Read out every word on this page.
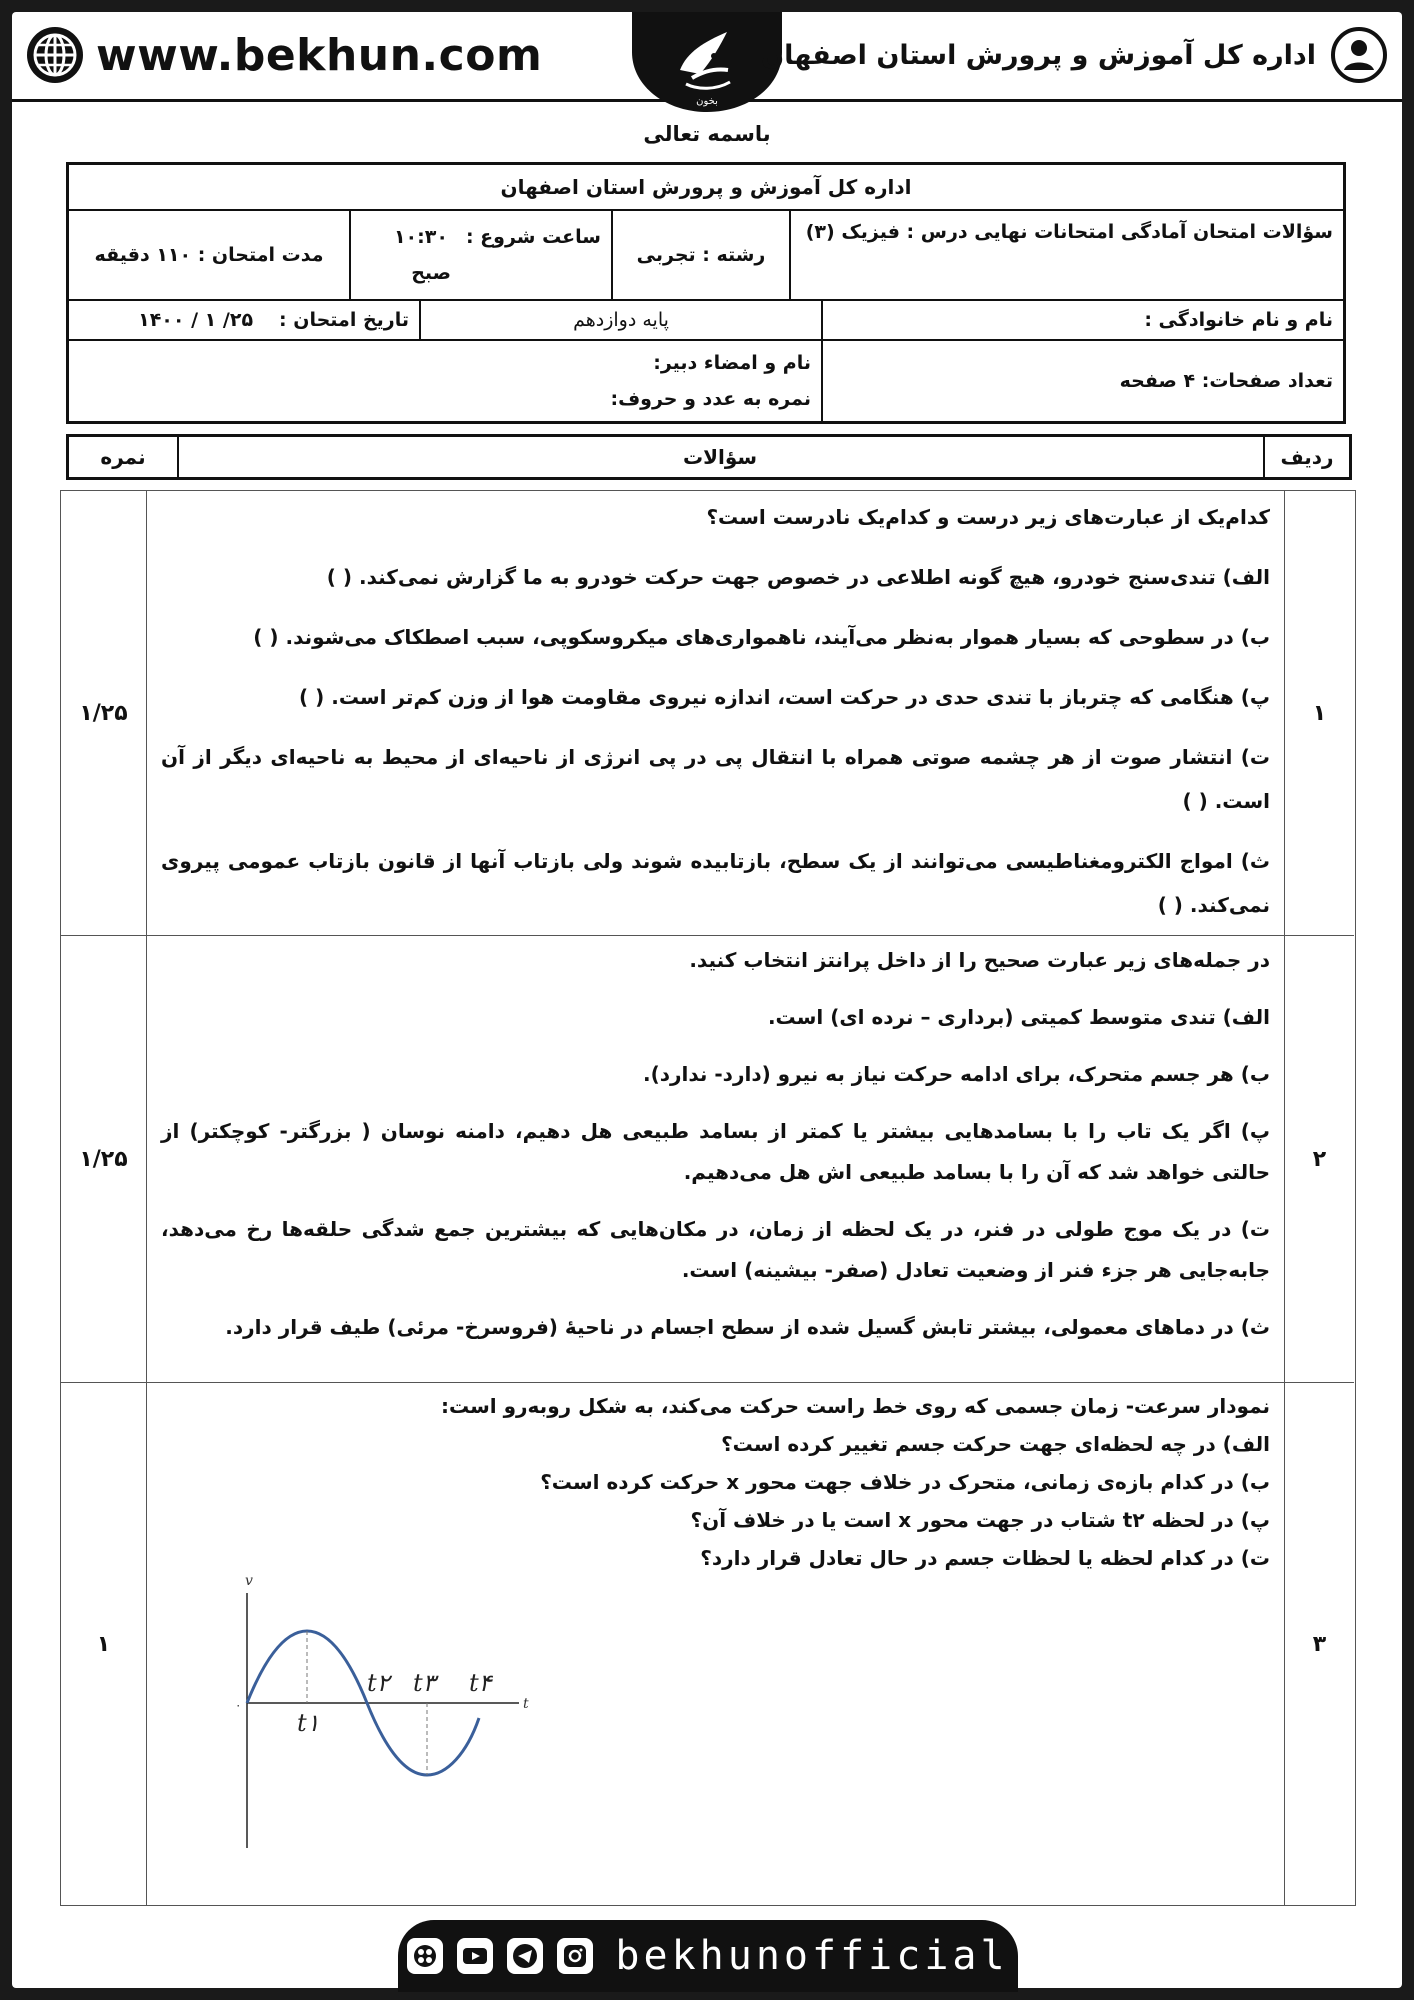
www.bekhun.com
بخون
اداره کل آموزش و پرورش استان اصفهان
باسمه تعالی
اداره کل آموزش و پرورش استان اصفهان
سؤالات امتحان آمادگی امتحانات نهایی درس : فیزیک (۳)
رشته : تجربی
ساعت شروع :
۱۰:۳۰
صبح
مدت امتحان : ۱۱۰ دقیقه
نام و نام خانوادگی :
پایه دوازدهم
تاریخ امتحان :
۲۵/ ۱ / ۱۴۰۰
تعداد صفحات: ۴ صفحه
نام و امضاء دبیر:
نمره به عدد و حروف:
ردیف
سؤالات
نمره
۱

کدام‌یک از عبارت‌های زیر درست و کدام‌یک نادرست است؟

الف) تندی‌سنج خودرو، هیچ گونه اطلاعی در خصوص جهت حرکت خودرو به ما گزارش نمی‌کند. ( )

ب) در سطوحی که بسیار هموار به‌نظر می‌آیند، ناهمواری‌های میکروسکوپی، سبب اصطکاک می‌شوند. ( )

پ) هنگامی که چترباز با تندی حدی در حرکت است، اندازه نیروی مقاومت هوا از وزن کم‌تر است. ( )

ت) انتشار صوت از هر چشمه صوتی همراه با انتقال پی در پی انرژی از ناحیه‌ای از محیط به ناحیه‌ای دیگر از آن است. ( )

ث) امواج الکترومغناطیسی می‌توانند از یک سطح، بازتابیده شوند ولی بازتاب آنها از قانون بازتاب عمومی پیروی نمی‌کند. ( )

۱/۲۵
۲

در جمله‌های زیر عبارت صحیح را از داخل پرانتز انتخاب کنید.

الف) تندی متوسط کمیتی (برداری – نرده ای) است.

ب) هر جسم متحرک، برای ادامه حرکت نیاز به نیرو (دارد- ندارد).

پ) اگر یک تاب را با بسامدهایی بیشتر یا کمتر از بسامد طبیعی هل دهیم، دامنه نوسان ( بزرگتر- کوچکتر) از حالتی خواهد شد که آن را با بسامد طبیعی اش هل می‌دهیم.

ت) در یک موج طولی در فنر، در یک لحظه از زمان، در مکان‌هایی که بیشترین جمع شدگی حلقه‌ها رخ می‌دهد، جابه‌جایی هر جزء فنر از وضعیت تعادل (صفر- بیشینه) است.

ث) در دماهای معمولی، بیشتر تابش گسیل شده از سطح اجسام در ناحیهٔ (فروسرخ- مرئی) طیف قرار دارد.

۱/۲۵
۳

نمودار سرعت- زمان جسمی که روی خط راست حرکت می‌کند، به شکل روبه‌رو است:

الف) در چه لحظه‌ای جهت حرکت جسم تغییر کرده است؟

ب) در کدام بازه‌ی زمانی، متحرک در خلاف جهت محور x حرکت کرده است؟

پ) در لحظه t۲ شتاب در جهت محور x است یا در خلاف آن؟

ت) در کدام لحظه یا لحظات جسم در حال تعادل قرار دارد؟

۱
v
t
۰
t۱
t۲ t۳ t۴
bekhunofficial
